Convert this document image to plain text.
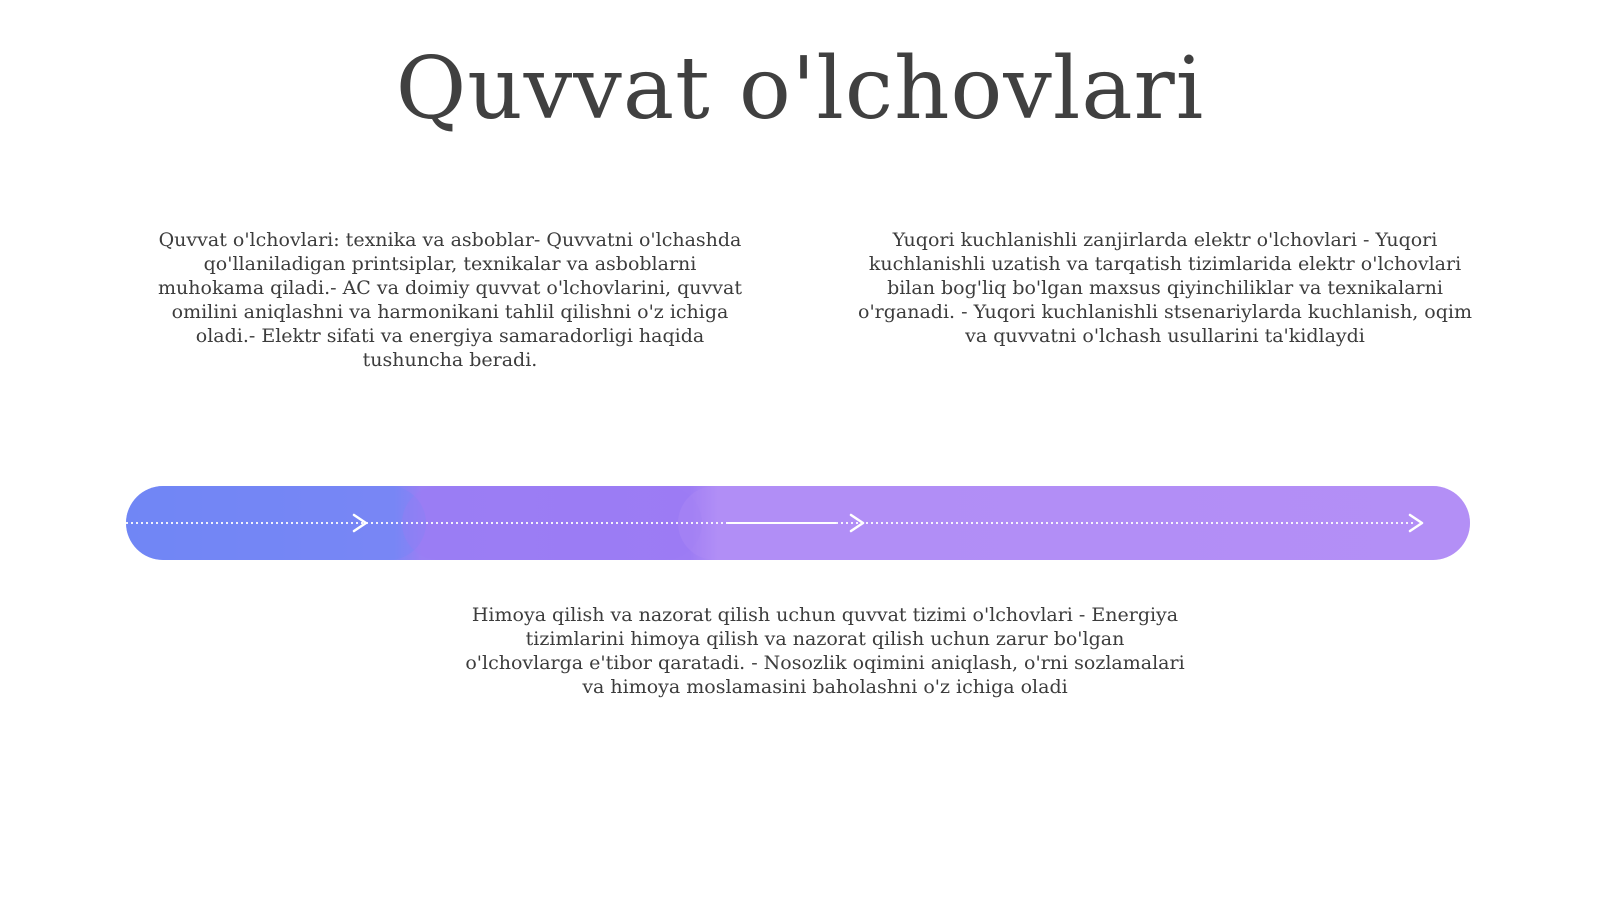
Quvvat o'lchovlari

Quvvat o'lchovlari: texnika va asboblar- Quvvatni o'lchashda qo'llaniladigan printsiplar, texnikalar va asboblarni muhokama qiladi.- AC va doimiy quvvat o'lchovlarini, quvvat omilini aniqlashni va harmonikani tahlil qilishni o'z ichiga oladi.- Elektr sifati va energiya samaradorligi haqida tushuncha beradi.

Yuqori kuchlanishli zanjirlarda elektr o'lchovlari - Yuqori kuchlanishli uzatish va tarqatish tizimlarida elektr o'lchovlari bilan bog'liq bo'lgan maxsus qiyinchiliklar va texnikalarni o'rganadi. - Yuqori kuchlanishli stsenariylarda kuchlanish, oqim va quvvatni o'lchash usullarini ta'kidlaydi

Himoya qilish va nazorat qilish uchun quvvat tizimi o'lchovlari - Energiya tizimlarini himoya qilish va nazorat qilish uchun zarur bo'lgan o'lchovlarga e'tibor qaratadi. - Nosozlik oqimini aniqlash, o'rni sozlamalari va himoya moslamasini baholashni o'z ichiga oladi
